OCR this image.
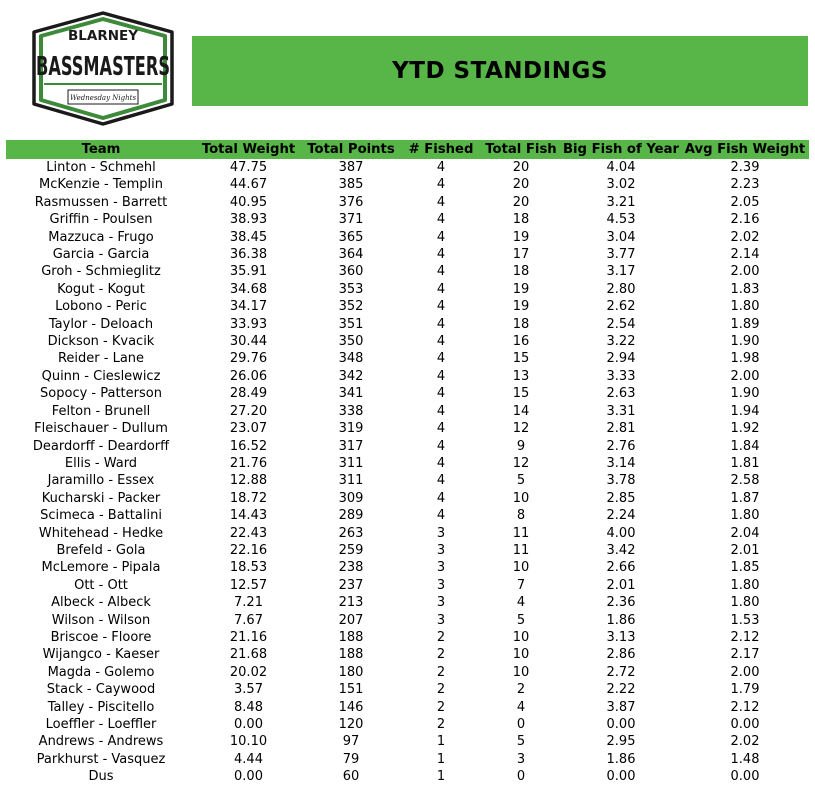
BLARNEY
BASSMASTERS
Wednesday Nights
YTD STANDINGS
Team	Total Weight	Total Points	# Fished	Total Fish	Big Fish of Year	Avg Fish Weight
Linton - Schmehl	47.75	387	4	20	4.04	2.39
McKenzie - Templin	44.67	385	4	20	3.02	2.23
Rasmussen - Barrett	40.95	376	4	20	3.21	2.05
Griffin - Poulsen	38.93	371	4	18	4.53	2.16
Mazzuca - Frugo	38.45	365	4	19	3.04	2.02
Garcia - Garcia	36.38	364	4	17	3.77	2.14
Groh - Schmieglitz	35.91	360	4	18	3.17	2.00
Kogut - Kogut	34.68	353	4	19	2.80	1.83
Lobono - Peric	34.17	352	4	19	2.62	1.80
Taylor - Deloach	33.93	351	4	18	2.54	1.89
Dickson - Kvacik	30.44	350	4	16	3.22	1.90
Reider - Lane	29.76	348	4	15	2.94	1.98
Quinn - Cieslewicz	26.06	342	4	13	3.33	2.00
Sopocy - Patterson	28.49	341	4	15	2.63	1.90
Felton - Brunell	27.20	338	4	14	3.31	1.94
Fleischauer - Dullum	23.07	319	4	12	2.81	1.92
Deardorff - Deardorff	16.52	317	4	9	2.76	1.84
Ellis - Ward	21.76	311	4	12	3.14	1.81
Jaramillo - Essex	12.88	311	4	5	3.78	2.58
Kucharski - Packer	18.72	309	4	10	2.85	1.87
Scimeca - Battalini	14.43	289	4	8	2.24	1.80
Whitehead - Hedke	22.43	263	3	11	4.00	2.04
Brefeld - Gola	22.16	259	3	11	3.42	2.01
McLemore - Pipala	18.53	238	3	10	2.66	1.85
Ott - Ott	12.57	237	3	7	2.01	1.80
Albeck - Albeck	7.21	213	3	4	2.36	1.80
Wilson - Wilson	7.67	207	3	5	1.86	1.53
Briscoe - Floore	21.16	188	2	10	3.13	2.12
Wijangco - Kaeser	21.68	188	2	10	2.86	2.17
Magda - Golemo	20.02	180	2	10	2.72	2.00
Stack - Caywood	3.57	151	2	2	2.22	1.79
Talley - Piscitello	8.48	146	2	4	3.87	2.12
Loeffler - Loeffler	0.00	120	2	0	0.00	0.00
Andrews - Andrews	10.10	97	1	5	2.95	2.02
Parkhurst - Vasquez	4.44	79	1	3	1.86	1.48
Dus	0.00	60	1	0	0.00	0.00
